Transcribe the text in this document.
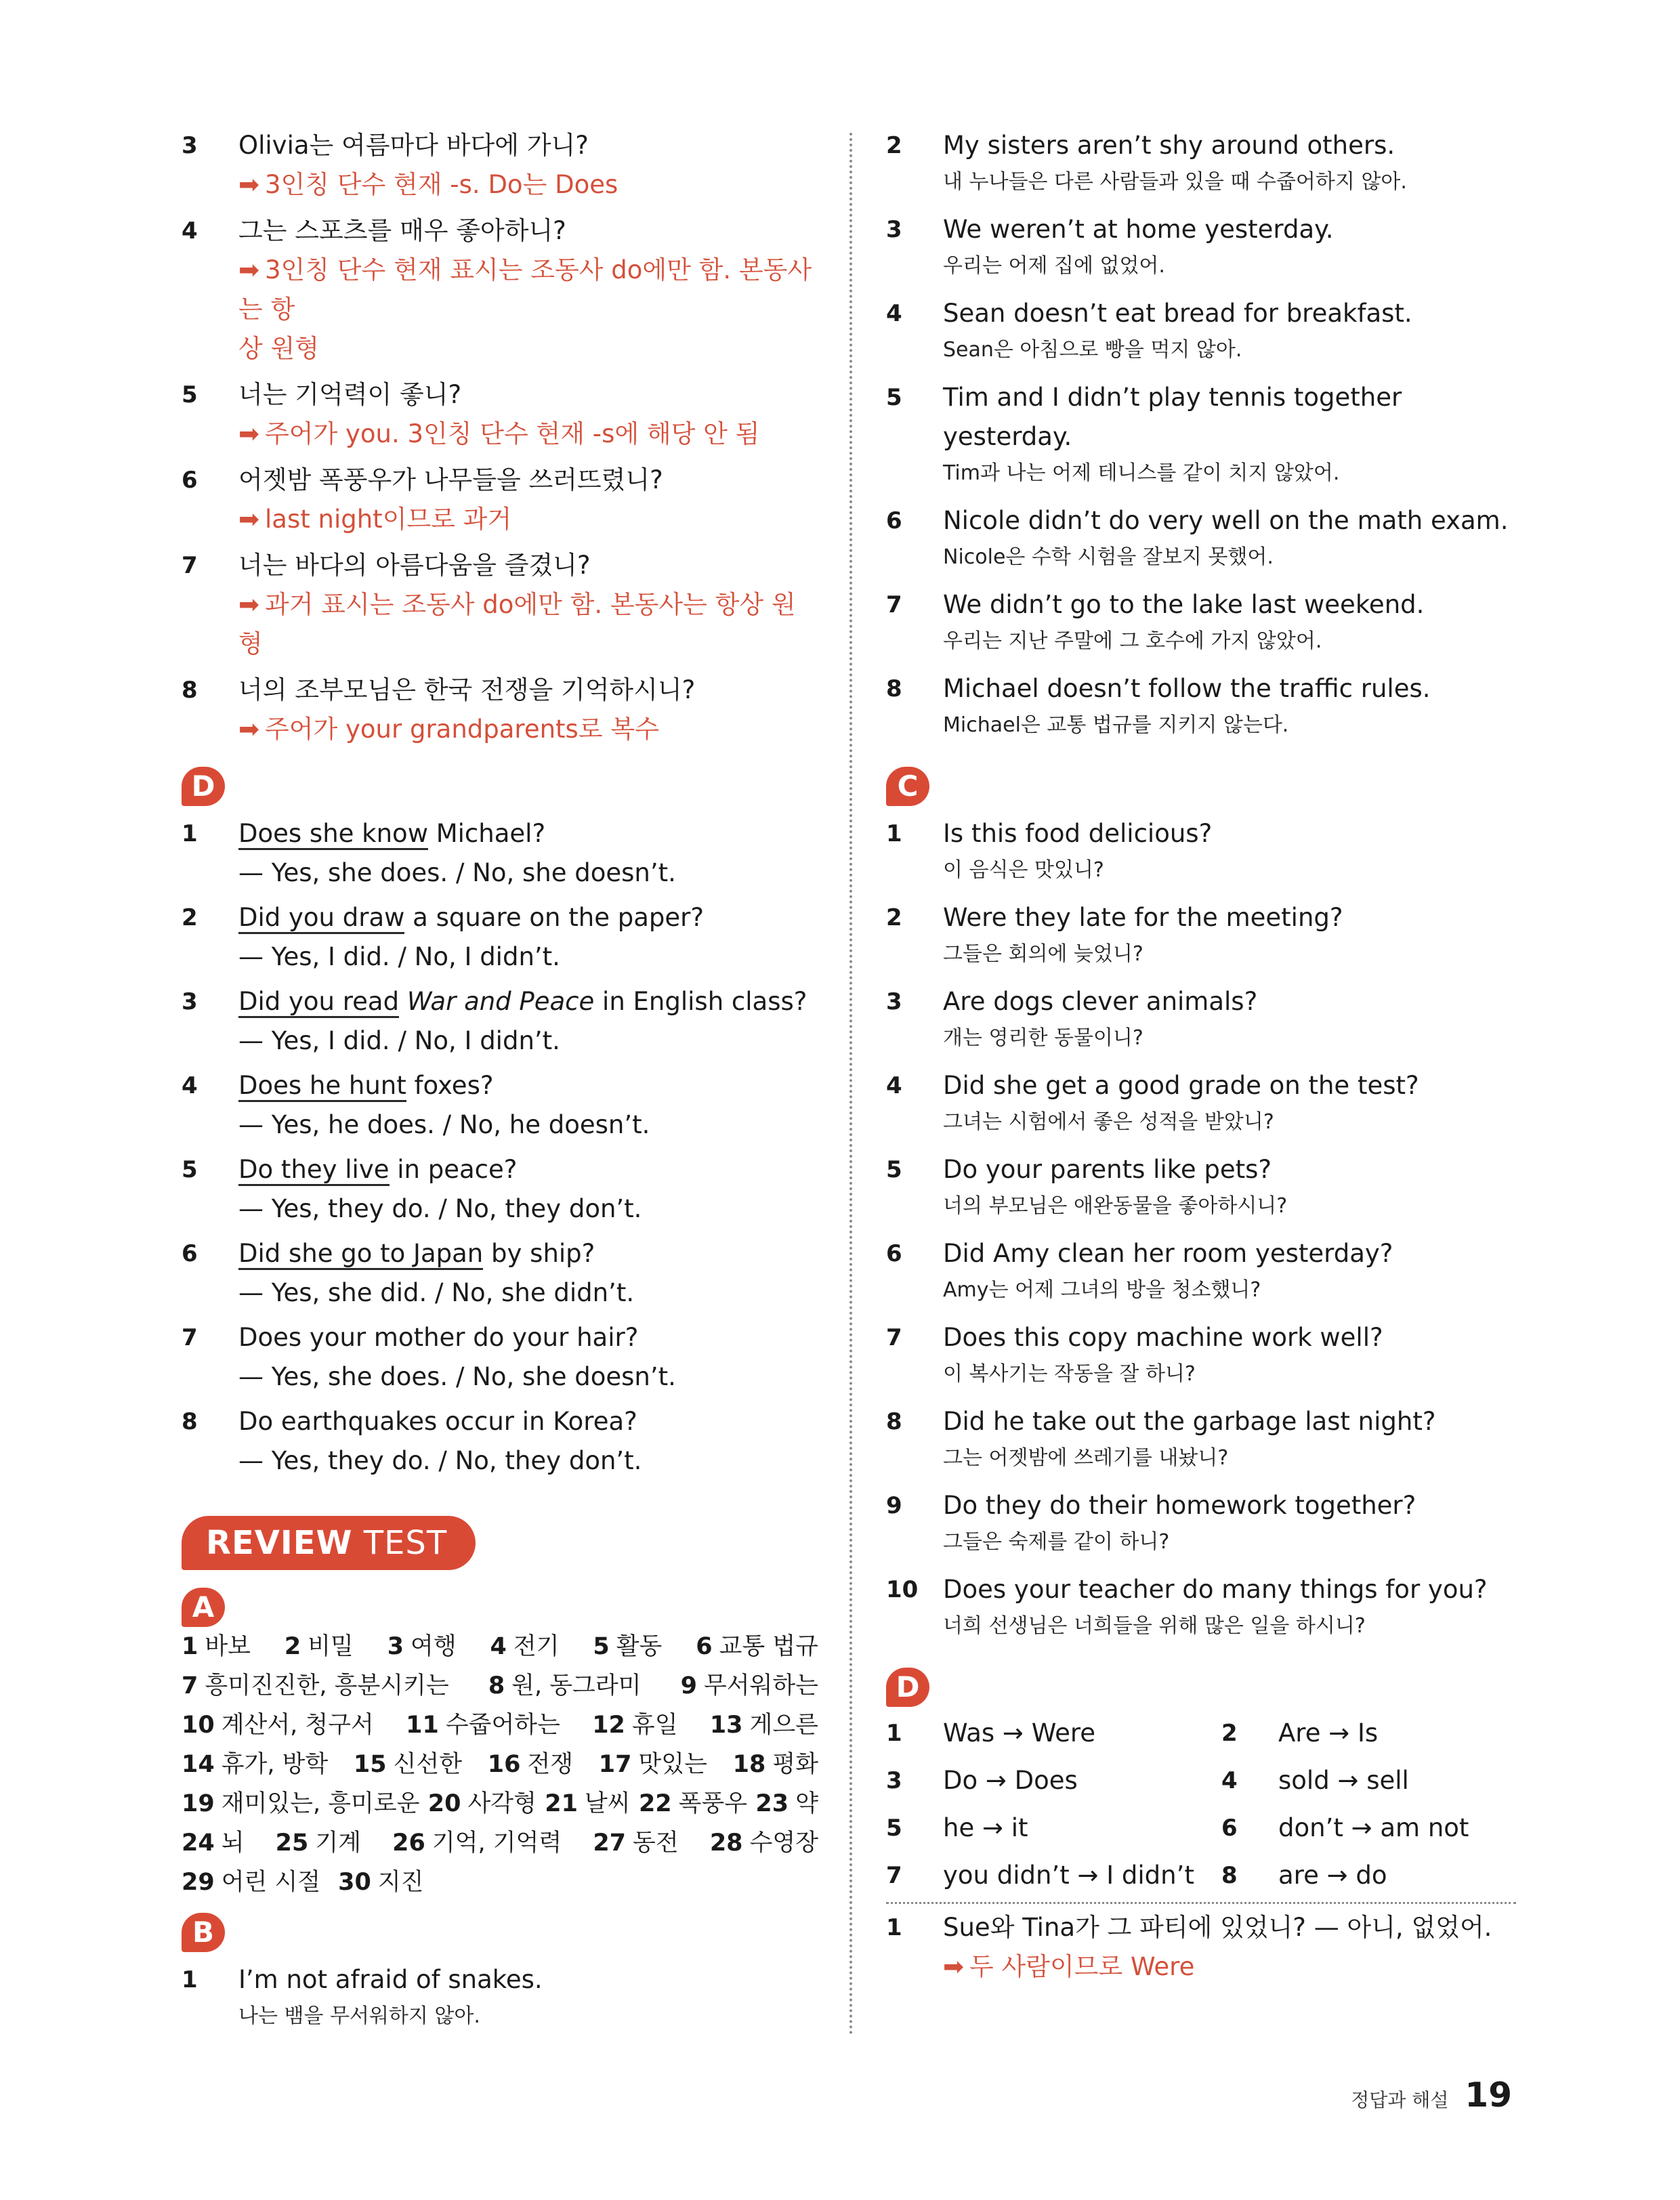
3 Olivia는 여름마다 바다에 가니?
➡ 3인칭 단수 현재 -s. Do는 Does
4 그는 스포츠를 매우 좋아하니?
➡ 3인칭 단수 현재 표시는 조동사 do에만 함. 본동사는 항
상 원형
5 너는 기억력이 좋니?
➡ 주어가 you. 3인칭 단수 현재 -s에 해당 안 됨
6 어젯밤 폭풍우가 나무들을 쓰러뜨렸니?
➡ last night이므로 과거
7 너는 바다의 아름다움을 즐겼니?
➡ 과거 표시는 조동사 do에만 함. 본동사는 항상 원형
8 너의 조부모님은 한국 전쟁을 기억하시니?
➡ 주어가 your grandparents로 복수
D
1 Does she know Michael?
— Yes, she does. / No, she doesn’t.
2 Did you draw a square on the paper?
— Yes, I did. / No, I didn’t.
3 Did you read War and Peace in English class?
— Yes, I did. / No, I didn’t.
4 Does he hunt foxes?
— Yes, he does. / No, he doesn’t.
5 Do they live in peace?
— Yes, they do. / No, they don’t.
6 Did she go to Japan by ship?
— Yes, she did. / No, she didn’t.
7 Does your mother do your hair?
— Yes, she does. / No, she doesn’t.
8 Do earthquakes occur in Korea?
— Yes, they do. / No, they don’t.
REVIEW TEST
A
1 바보 2 비밀 3 여행 4 전기 5 활동 6 교통 법규
7 흥미진진한, 흥분시키는 8 원, 동그라미 9 무서워하는
10 계산서, 청구서 11 수줍어하는 12 휴일 13 게으른
14 휴가, 방학 15 신선한 16 전쟁 17 맛있는 18 평화
19 재미있는, 흥미로운 20 사각형 21 날씨 22 폭풍우 23 약
24 뇌 25 기계 26 기억, 기억력 27 동전 28 수영장
29 어린 시절 30 지진
B
1 I’m not afraid of snakes.
나는 뱀을 무서워하지 않아.
2 My sisters aren’t shy around others.
내 누나들은 다른 사람들과 있을 때 수줍어하지 않아.
3 We weren’t at home yesterday.
우리는 어제 집에 없었어.
4 Sean doesn’t eat bread for breakfast.
Sean은 아침으로 빵을 먹지 않아.
5 Tim and I didn’t play tennis together yesterday.
Tim과 나는 어제 테니스를 같이 치지 않았어.
6 Nicole didn’t do very well on the math exam.
Nicole은 수학 시험을 잘보지 못했어.
7 We didn’t go to the lake last weekend.
우리는 지난 주말에 그 호수에 가지 않았어.
8 Michael doesn’t follow the traffic rules.
Michael은 교통 법규를 지키지 않는다.
C
1 Is this food delicious?
이 음식은 맛있니?
2 Were they late for the meeting?
그들은 회의에 늦었니?
3 Are dogs clever animals?
개는 영리한 동물이니?
4 Did she get a good grade on the test?
그녀는 시험에서 좋은 성적을 받았니?
5 Do your parents like pets?
너의 부모님은 애완동물을 좋아하시니?
6 Did Amy clean her room yesterday?
Amy는 어제 그녀의 방을 청소했니?
7 Does this copy machine work well?
이 복사기는 작동을 잘 하니?
8 Did he take out the garbage last night?
그는 어젯밤에 쓰레기를 내놨니?
9 Do they do their homework together?
그들은 숙제를 같이 하니?
10 Does your teacher do many things for you?
너희 선생님은 너희들을 위해 많은 일을 하시니?
D
1 Was → Were	2 Are → Is
3 Do → Does	4 sold → sell
5 he → it	6 don’t → am not
7 you didn’t → I didn’t	8 are → do
1 Sue와 Tina가 그 파티에 있었니? — 아니, 없었어.
➡ 두 사람이므로 Were
정답과 해설 19
